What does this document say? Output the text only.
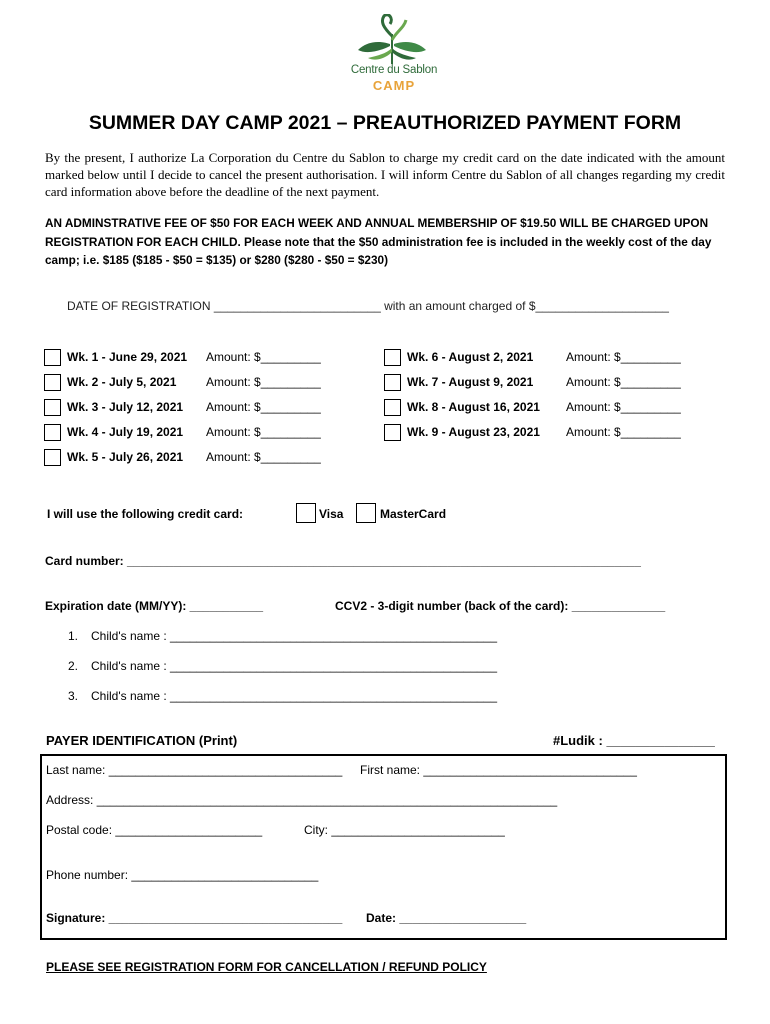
Centre du Sablon
CAMP
SUMMER DAY CAMP 2021 – PREAUTHORIZED PAYMENT FORM
By the present, I authorize La Corporation du Centre du Sablon to charge my credit card on the date indicated with the amount marked below until I decide to cancel the present authorisation. I will inform Centre du Sablon of all changes regarding my credit card information above before the deadline of the next payment.
AN ADMINSTRATIVE FEE OF $50 FOR EACH WEEK AND ANNUAL MEMBERSHIP OF $19.50 WILL BE CHARGED UPON REGISTRATION FOR EACH CHILD. Please note that the $50 administration fee is included in the weekly cost of the day camp; i.e. $185 ($185 - $50 = $135) or $280 ($280 - $50 = $230)
DATE OF REGISTRATION _________________________ with an amount charged of $____________________
Wk. 1 - June 29, 2021 Amount: $_________
Wk. 2 - July 5, 2021 Amount: $_________
Wk. 3 - July 12, 2021 Amount: $_________
Wk. 4 - July 19, 2021 Amount: $_________
Wk. 5 - July 26, 2021 Amount: $_________
Wk. 6 - August 2, 2021	Amount: $_________
Wk. 7 - August 9, 2021	Amount: $_________
Wk. 8 - August 16, 2021 Amount: $_________
Wk. 9 - August 23, 2021 Amount: $_________
I will use the following credit card:	Visa	MasterCard
Card number: _____________________________________________________________________________
Expiration date (MM/YY): ___________	CCV2 - 3-digit number (back of the card): ______________
1. Child's name : _________________________________________________
2. Child's name : _________________________________________________
3. Child's name : _________________________________________________
PAYER IDENTIFICATION (Print)	#Ludik : _______________
Last name: ___________________________________ First name: ________________________________
Address: _____________________________________________________________________
Postal code: ______________________	City: __________________________
Phone number: ____________________________
Signature: ___________________________________ Date: ___________________
PLEASE SEE REGISTRATION FORM FOR CANCELLATION / REFUND POLICY
